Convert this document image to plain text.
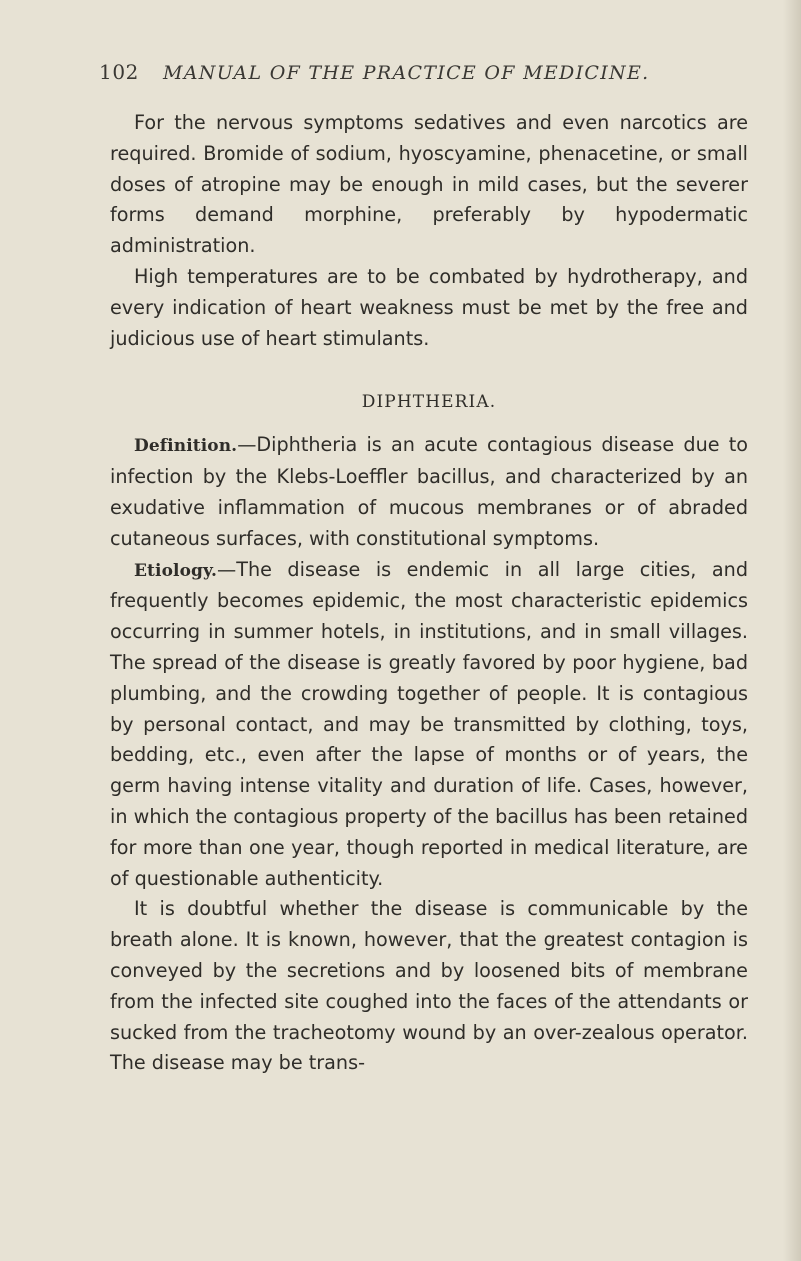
102 MANUAL OF THE PRACTICE OF MEDICINE.

For the nervous symptoms sedatives and even narcotics are required. Bromide of sodium, hyoscyamine, phenacetine, or small doses of atropine may be enough in mild cases, but the severer forms demand morphine, preferably by hypodermatic administration.

High temperatures are to be combated by hydrotherapy, and every indication of heart weakness must be met by the free and judicious use of heart stimulants.

DIPHTHERIA.

Definition.—Diphtheria is an acute contagious disease due to infection by the Klebs-Loeffler bacillus, and characterized by an exudative inflammation of mucous membranes or of abraded cutaneous surfaces, with constitutional symptoms.

Etiology.—The disease is endemic in all large cities, and frequently becomes epidemic, the most characteristic epidemics occurring in summer hotels, in institutions, and in small villages. The spread of the disease is greatly favored by poor hygiene, bad plumbing, and the crowding together of people. It is contagious by personal contact, and may be transmitted by clothing, toys, bedding, etc., even after the lapse of months or of years, the germ having intense vitality and duration of life. Cases, however, in which the contagious property of the bacillus has been retained for more than one year, though reported in medical literature, are of questionable authenticity.

It is doubtful whether the disease is communicable by the breath alone. It is known, however, that the greatest contagion is conveyed by the secretions and by loosened bits of membrane from the infected site coughed into the faces of the attendants or sucked from the tracheotomy wound by an over-zealous operator. The disease may be trans-
